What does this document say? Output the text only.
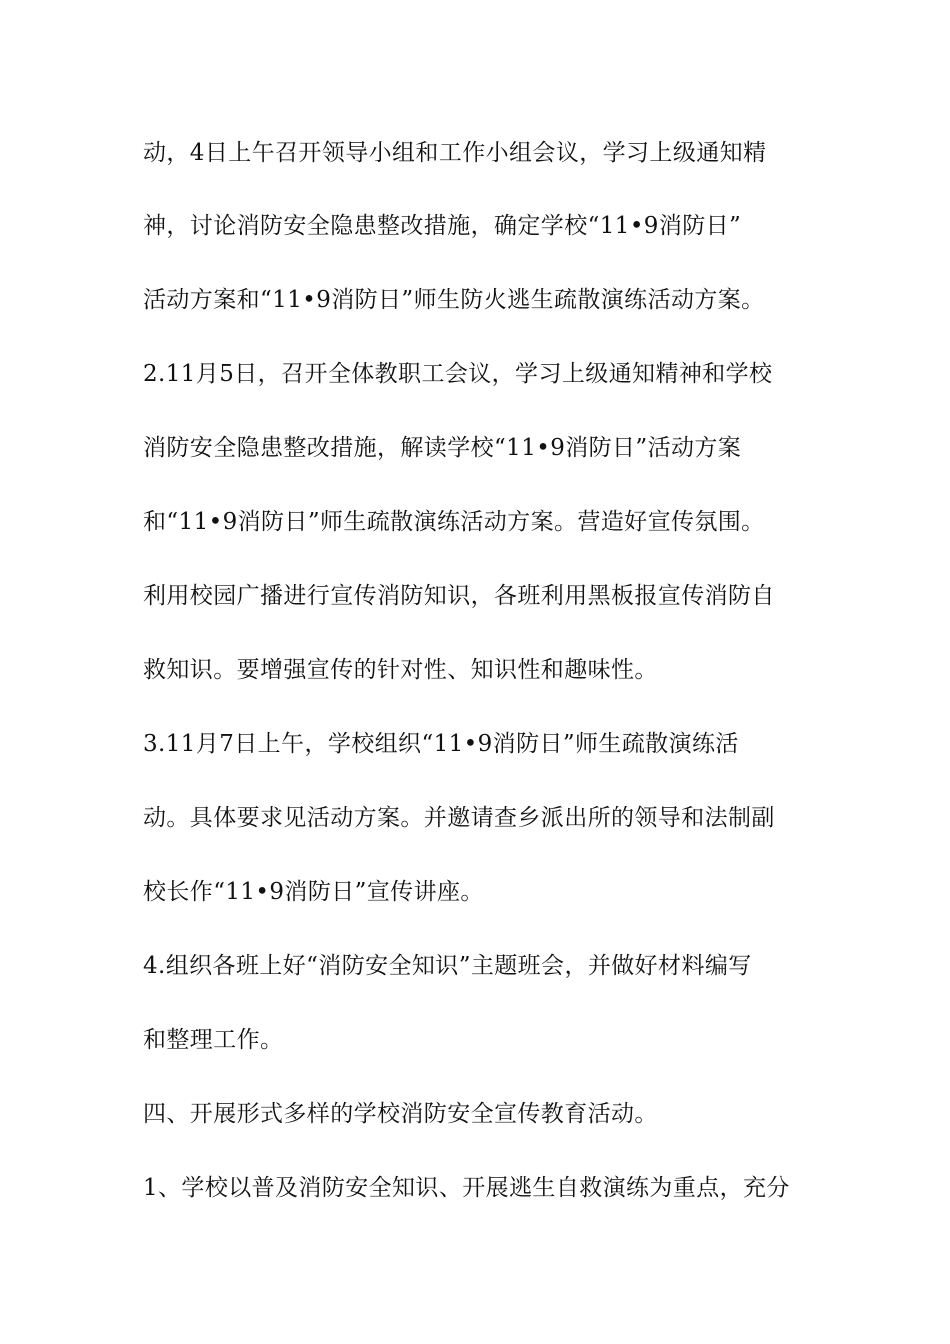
动，4日上午召开领导小组和工作小组会议，学习上级通知精
神，讨论消防安全隐患整改措施，确定学校“11•9消防日”
活动方案和“11•9消防日”师生防火逃生疏散演练活动方案。
2.11月5日，召开全体教职工会议，学习上级通知精神和学校
消防安全隐患整改措施，解读学校“11•9消防日”活动方案
和“11•9消防日”师生疏散演练活动方案。营造好宣传氛围。
利用校园广播进行宣传消防知识，各班利用黑板报宣传消防自
救知识。要增强宣传的针对性、知识性和趣味性。
3.11月7日上午，学校组织“11•9消防日”师生疏散演练活
动。具体要求见活动方案。并邀请查乡派出所的领导和法制副
校长作“11•9消防日”宣传讲座。
4.组织各班上好“消防安全知识”主题班会，并做好材料编写
和整理工作。
四、开展形式多样的学校消防安全宣传教育活动。
1、学校以普及消防安全知识、开展逃生自救演练为重点，充分
